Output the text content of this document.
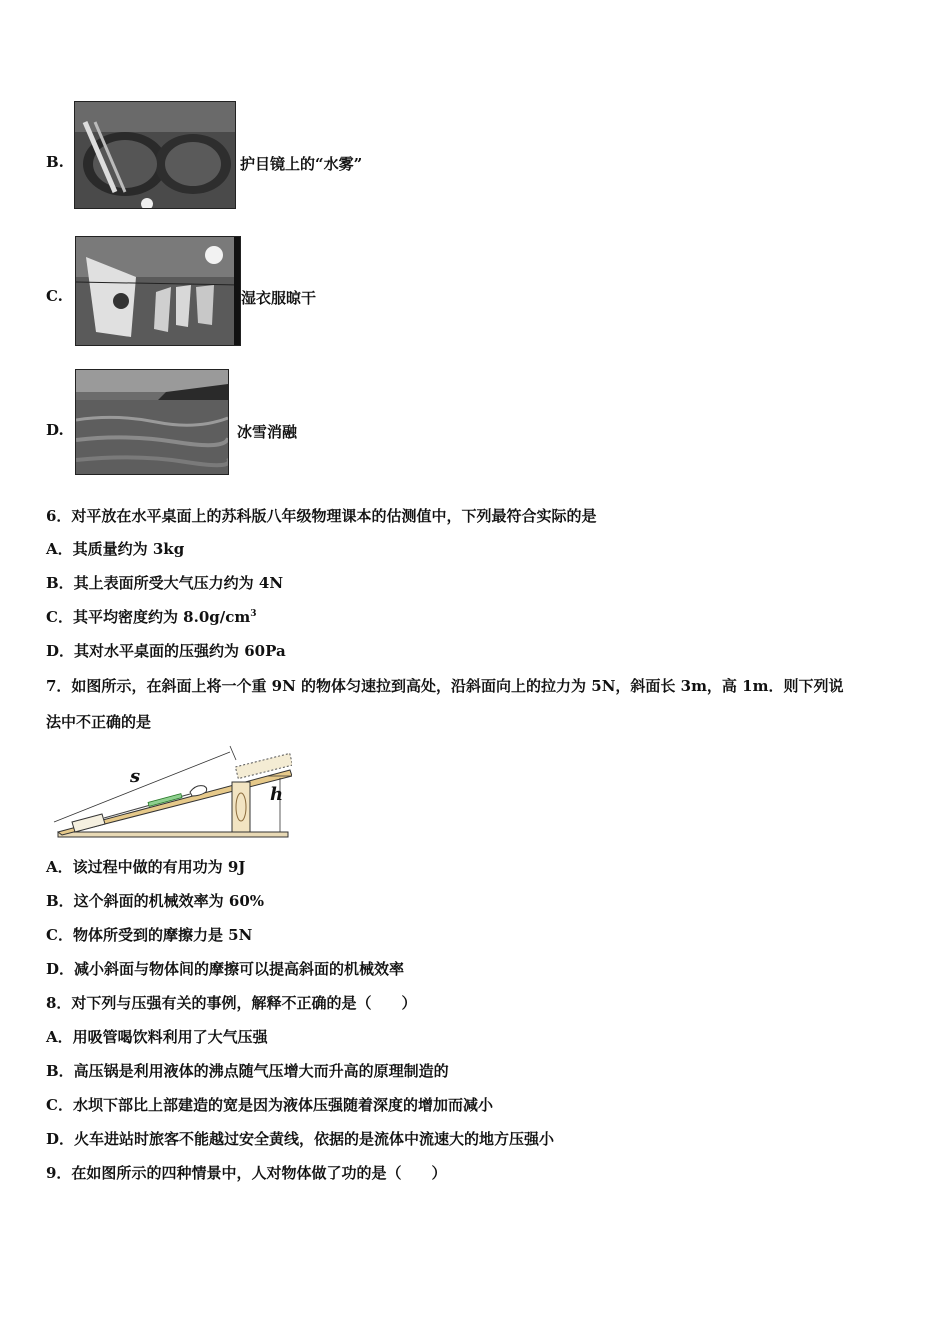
B.	护目镜上的“水雾”
C.	湿衣服晾干
D.	冰雪消融
6．对平放在水平桌面上的苏科版八年级物理课本的估测值中，下列最符合实际的是
A．其质量约为 3kg
B．其上表面所受大气压力约为 4N
C．其平均密度约为 $8.0g/cm^3$
D．其对水平桌面的压强约为 60Pa
7．如图所示，在斜面上将一个重 9N 的物体匀速拉到高处，沿斜面向上的拉力为 5N，斜面长 3m，高 1m．则下列说
法中不正确的是
s
h
A．该过程中做的有用功为 9J
B．这个斜面的机械效率为 60%
C．物体所受到的摩擦力是 5N
D．减小斜面与物体间的摩擦可以提高斜面的机械效率
8．对下列与压强有关的事例，解释不正确的是（　　）
A．用吸管喝饮料利用了大气压强
B．高压锅是利用液体的沸点随气压增大而升高的原理制造的
C．水坝下部比上部建造的宽是因为液体压强随着深度的增加而减小
D．火车进站时旅客不能越过安全黄线，依据的是流体中流速大的地方压强小
9．在如图所示的四种情景中，人对物体做了功的是（　　）
